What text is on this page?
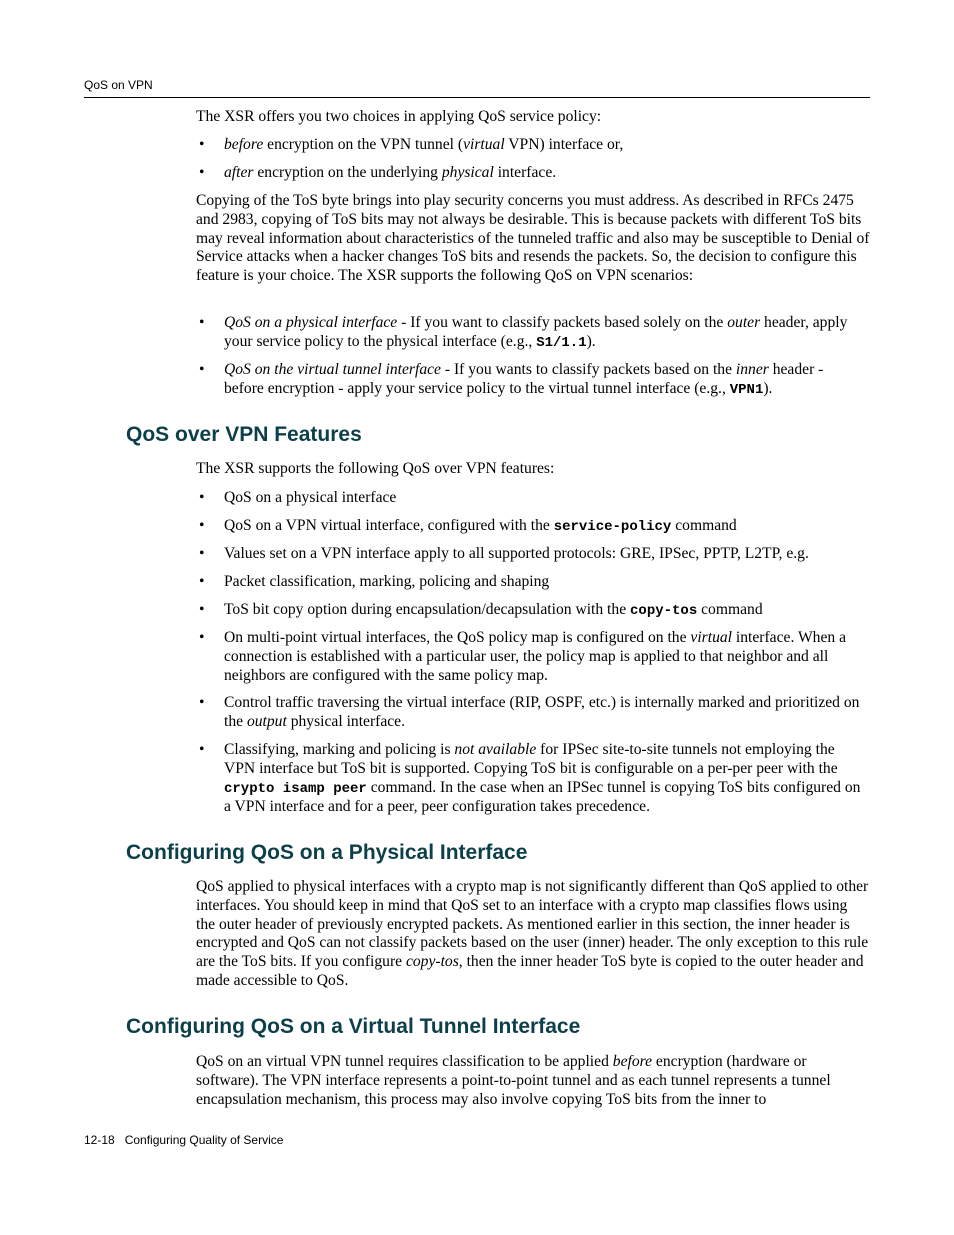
QoS on VPN

The XSR offers you two choices in applying QoS service policy:

• before encryption on the VPN tunnel (virtual VPN) interface or,
• after encryption on the underlying physical interface.

Copying of the ToS byte brings into play security concerns you must address. As described in RFCs 2475 and 2983, copying of ToS bits may not always be desirable. This is because packets with different ToS bits may reveal information about characteristics of the tunneled traffic and also may be susceptible to Denial of Service attacks when a hacker changes ToS bits and resends the packets. So, the decision to configure this feature is your choice. The XSR supports the following QoS on VPN scenarios:

• QoS on a physical interface - If you want to classify packets based solely on the outer header, apply your service policy to the physical interface (e.g., S1/1.1).
• QoS on the virtual tunnel interface - If you wants to classify packets based on the inner header - before encryption - apply your service policy to the virtual tunnel interface (e.g., VPN1).
QoS over VPN Features

The XSR supports the following QoS over VPN features:

• QoS on a physical interface
• QoS on a VPN virtual interface, configured with the service-policy command
• Values set on a VPN interface apply to all supported protocols: GRE, IPSec, PPTP, L2TP, e.g.
• Packet classification, marking, policing and shaping
• ToS bit copy option during encapsulation/decapsulation with the copy-tos command
• On multi-point virtual interfaces, the QoS policy map is configured on the virtual interface. When a connection is established with a particular user, the policy map is applied to that neighbor and all neighbors are configured with the same policy map.
• Control traffic traversing the virtual interface (RIP, OSPF, etc.) is internally marked and prioritized on the output physical interface.
• Classifying, marking and policing is not available for IPSec site-to-site tunnels not employing the VPN interface but ToS bit is supported. Copying ToS bit is configurable on a per-per peer with the crypto isamp peer command. In the case when an IPSec tunnel is copying ToS bits configured on a VPN interface and for a peer, peer configuration takes precedence.
Configuring QoS on a Physical Interface

QoS applied to physical interfaces with a crypto map is not significantly different than QoS applied to other interfaces. You should keep in mind that QoS set to an interface with a crypto map classifies flows using the outer header of previously encrypted packets. As mentioned earlier in this section, the inner header is encrypted and QoS can not classify packets based on the user (inner) header. The only exception to this rule are the ToS bits. If you configure copy-tos, then the inner header ToS byte is copied to the outer header and made accessible to QoS.

Configuring QoS on a Virtual Tunnel Interface

QoS on an virtual VPN tunnel requires classification to be applied before encryption (hardware or software). The VPN interface represents a point-to-point tunnel and as each tunnel represents a tunnel encapsulation mechanism, this process may also involve copying ToS bits from the inner to

12-18 Configuring Quality of Service
